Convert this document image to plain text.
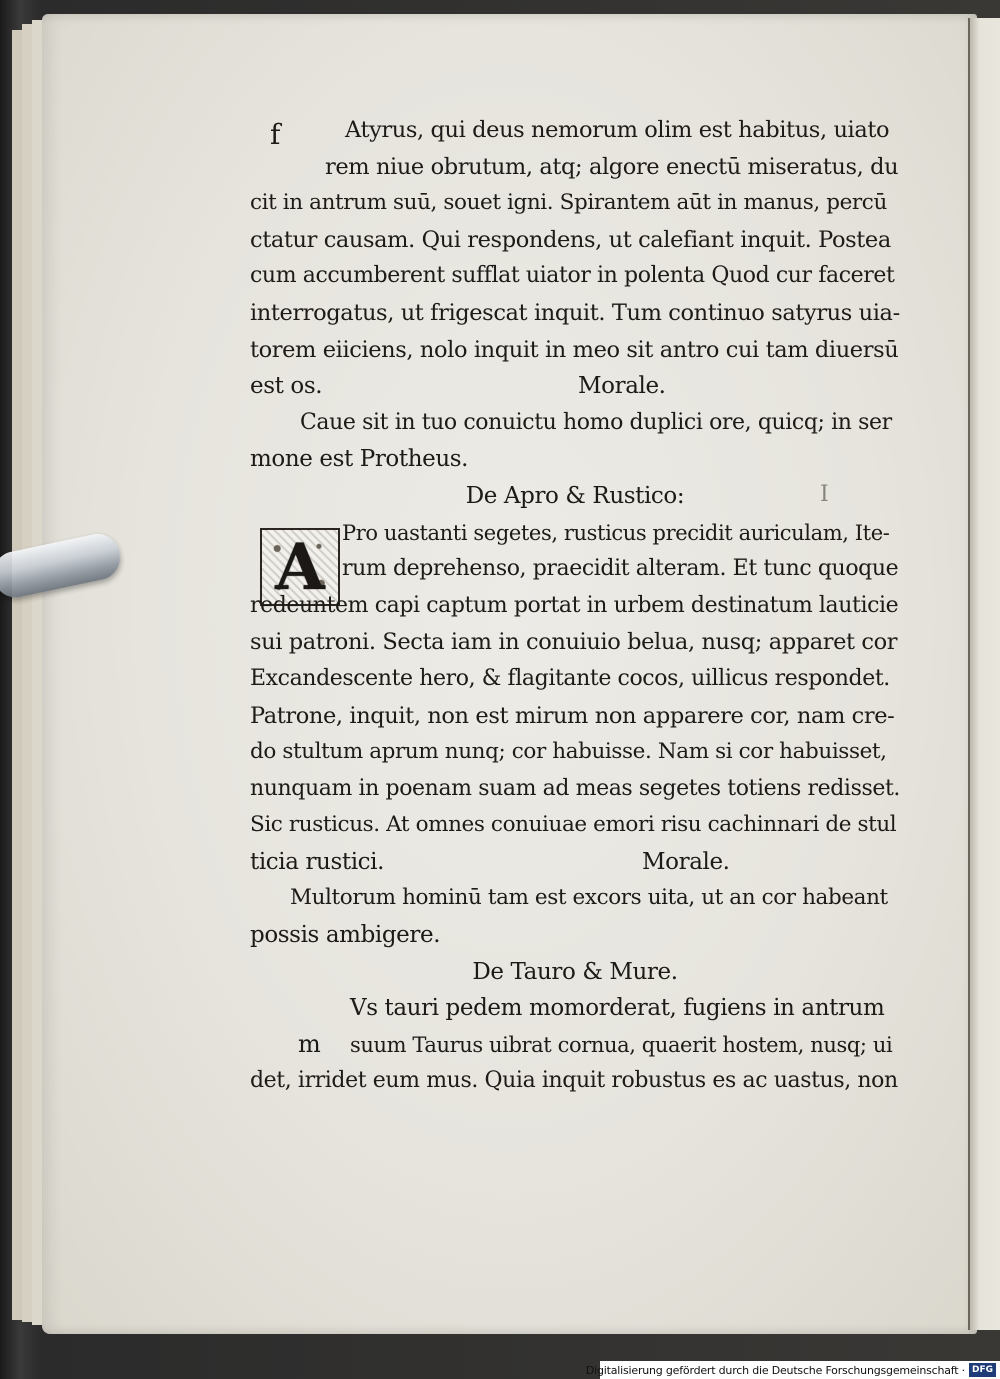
f
m
I
A
Atyrus, qui deus nemorum olim est habitus, uiato
rem niue obrutum, atq; algore enectū miseratus, du
cit in antrum suū, souet igni. Spirantem aūt in manus, percū
ctatur causam. Qui respondens, ut calefiant inquit. Postea
cum accumberent sufflat uiator in polenta Quod cur faceret
interrogatus, ut frigescat inquit. Tum continuo satyrus uia-
torem eiiciens, nolo inquit in meo sit antro cui tam diuersū
est os.	Morale.
Caue sit in tuo conuictu homo duplici ore, quicq; in ser
mone est Protheus.
De Apro & Rustico:
Pro uastanti segetes, rusticus precidit auriculam, Ite-
rum deprehenso, praecidit alteram. Et tunc quoque
redeuntem capi captum portat in urbem destinatum lauticie
sui patroni. Secta iam in conuiuio belua, nusq; apparet cor
Excandescente hero, & flagitante cocos, uillicus respondet.
Patrone, inquit, non est mirum non apparere cor, nam cre-
do stultum aprum nunq; cor habuisse. Nam si cor habuisset,
nunquam in poenam suam ad meas segetes totiens redisset.
Sic rusticus. At omnes conuiuae emori risu cachinnari de stul
ticia rustici.	Morale.
Multorum hominū tam est excors uita, ut an cor habeant
possis ambigere.
De Tauro & Mure.
Vs tauri pedem momorderat, fugiens in antrum
suum Taurus uibrat cornua, quaerit hostem, nusq; ui
det, irridet eum mus. Quia inquit robustus es ac uastus, non
Digitalisierung gefördert durch die Deutsche Forschungsgemeinschaft · DFG
